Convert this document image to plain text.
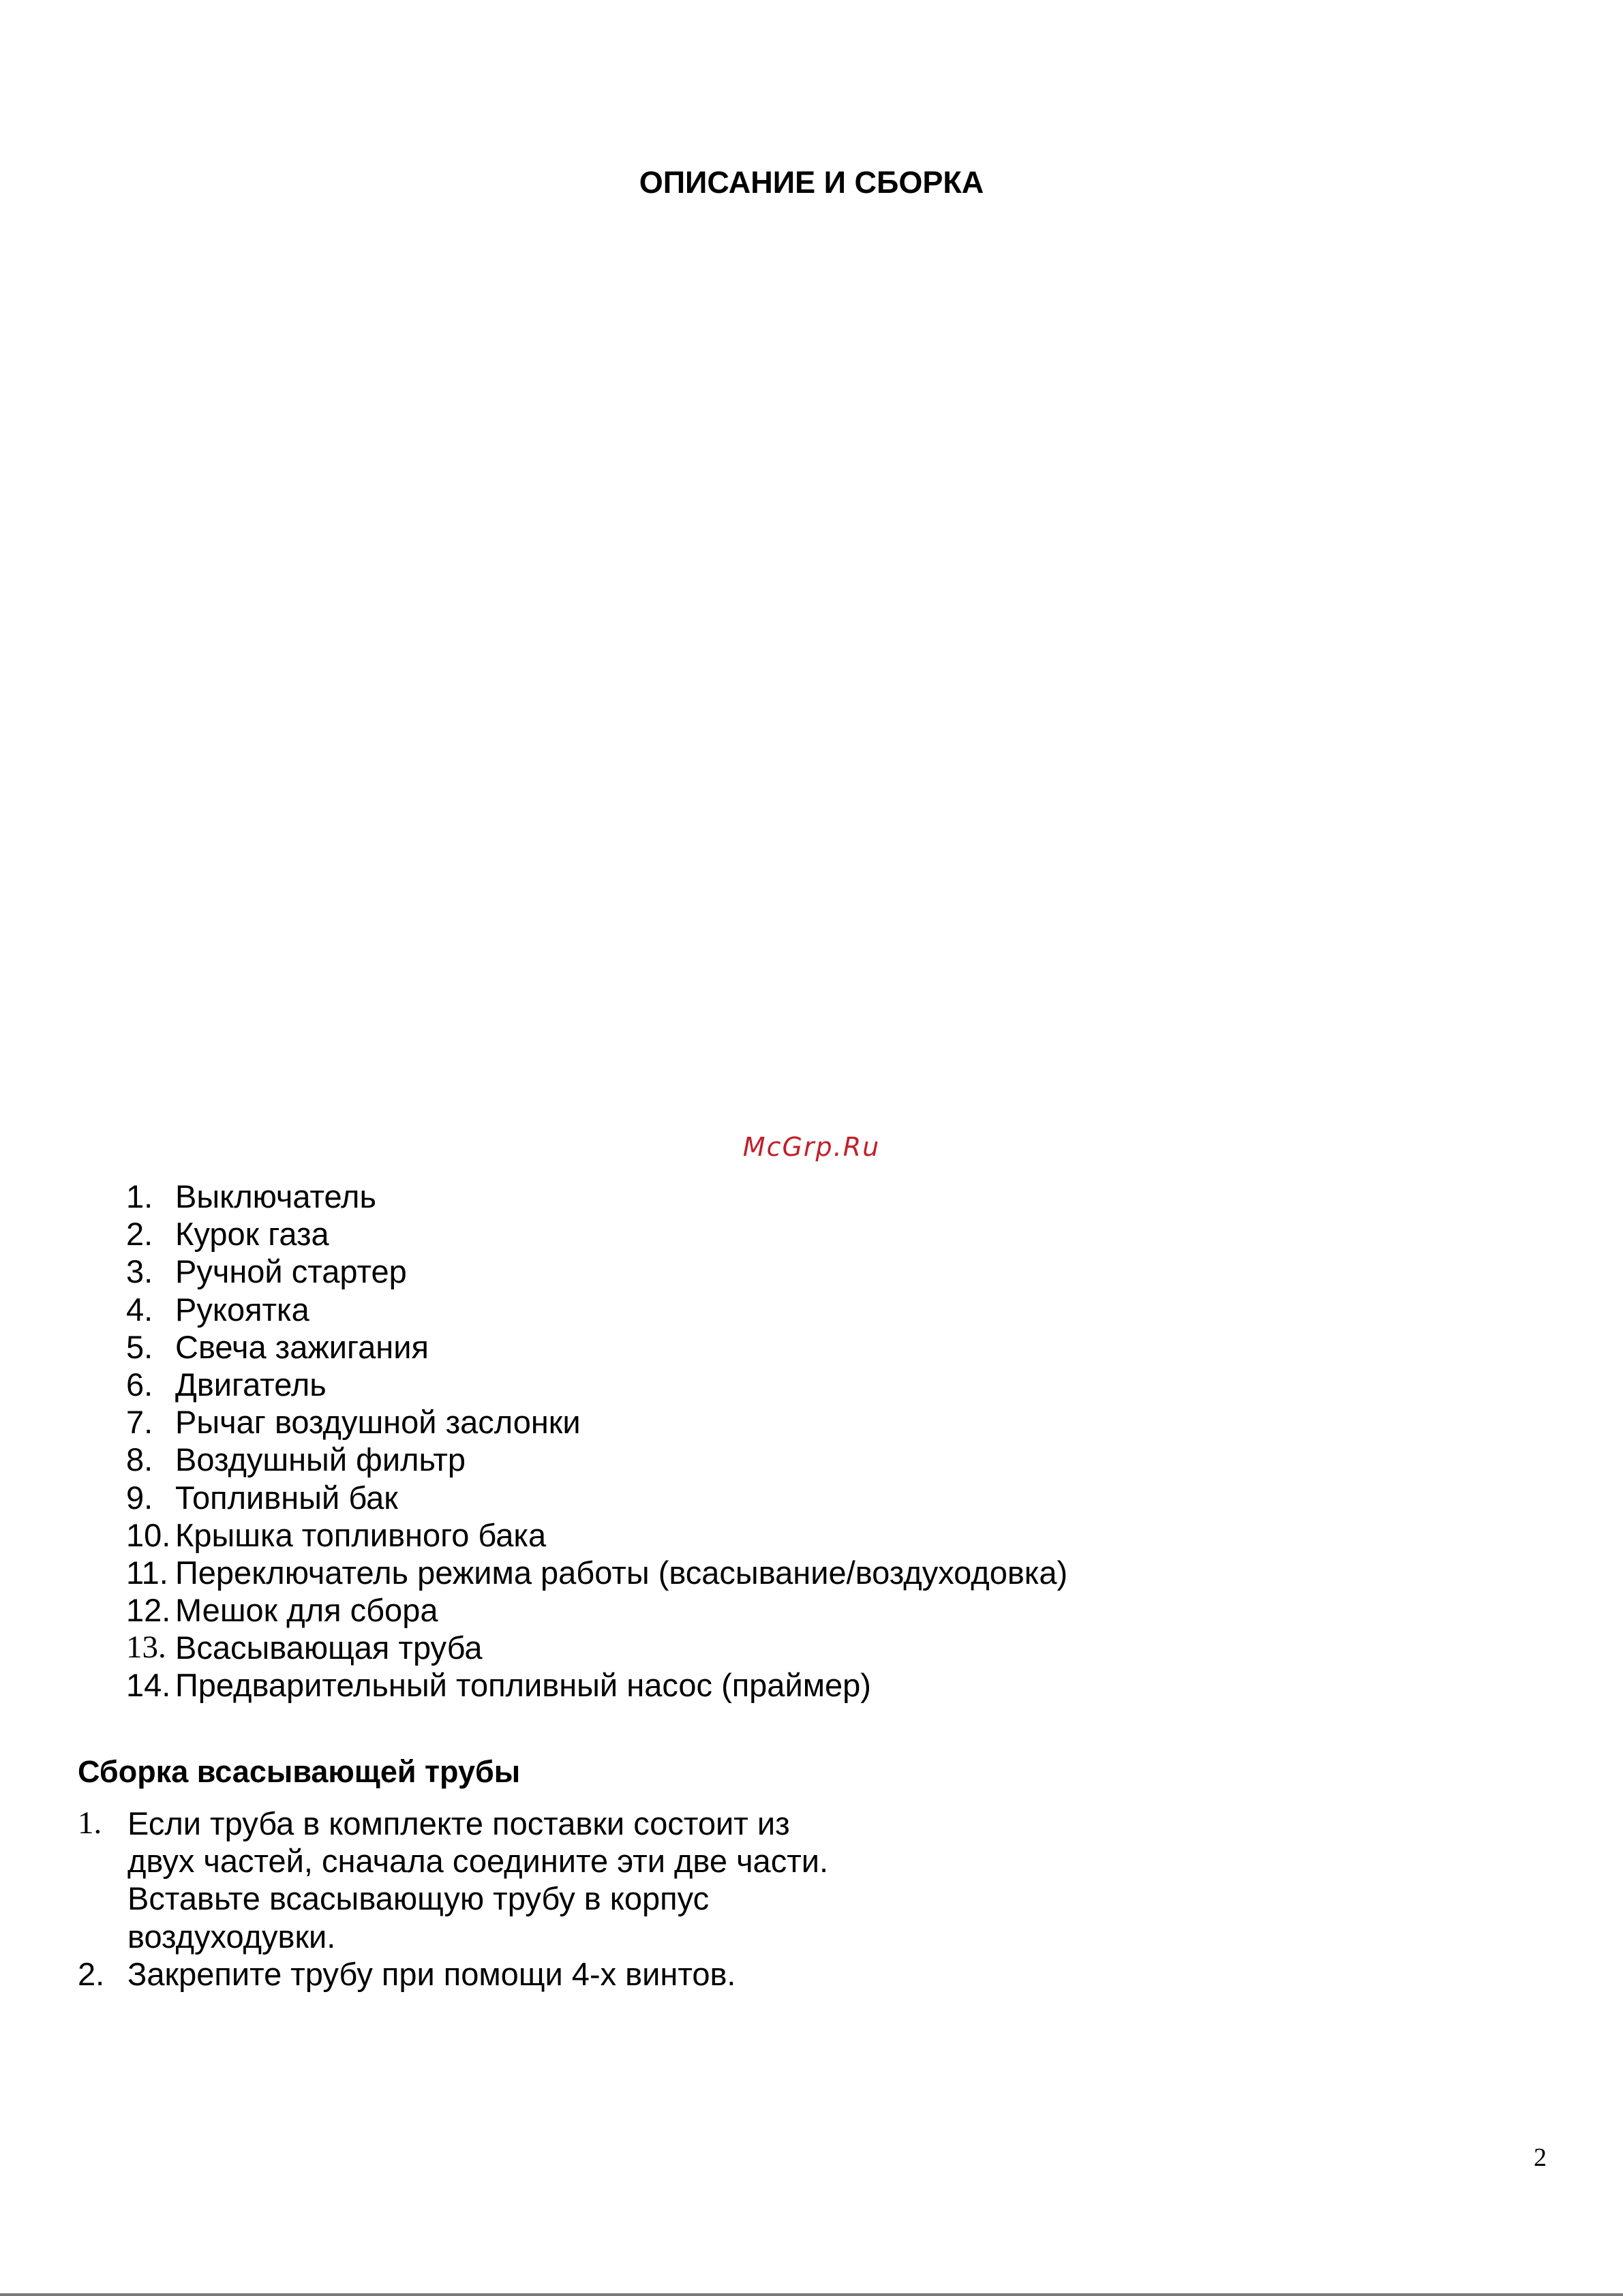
ОПИСАНИЕ И СБОРКА
McGrp.Ru
1. Выключатель
2. Курок газа
3. Ручной стартер
4. Рукоятка
5. Свеча зажигания
6. Двигатель
7. Рычаг воздушной заслонки
8. Воздушный фильтр
9. Топливный бак
10. Крышка топливного бака
11. Переключатель режима работы (всасывание/воздуходовка)
12. Мешок для сбора
13. Всасывающая труба
14. Предварительный топливный насос (праймер)
Сборка всасывающей трубы
1. Если труба в комплекте поставки состоит из
двух частей, сначала соедините эти две части.
Вставьте всасывающую трубу в корпус
воздуходувки.
2. Закрепите трубу при помощи 4-х винтов.
2
